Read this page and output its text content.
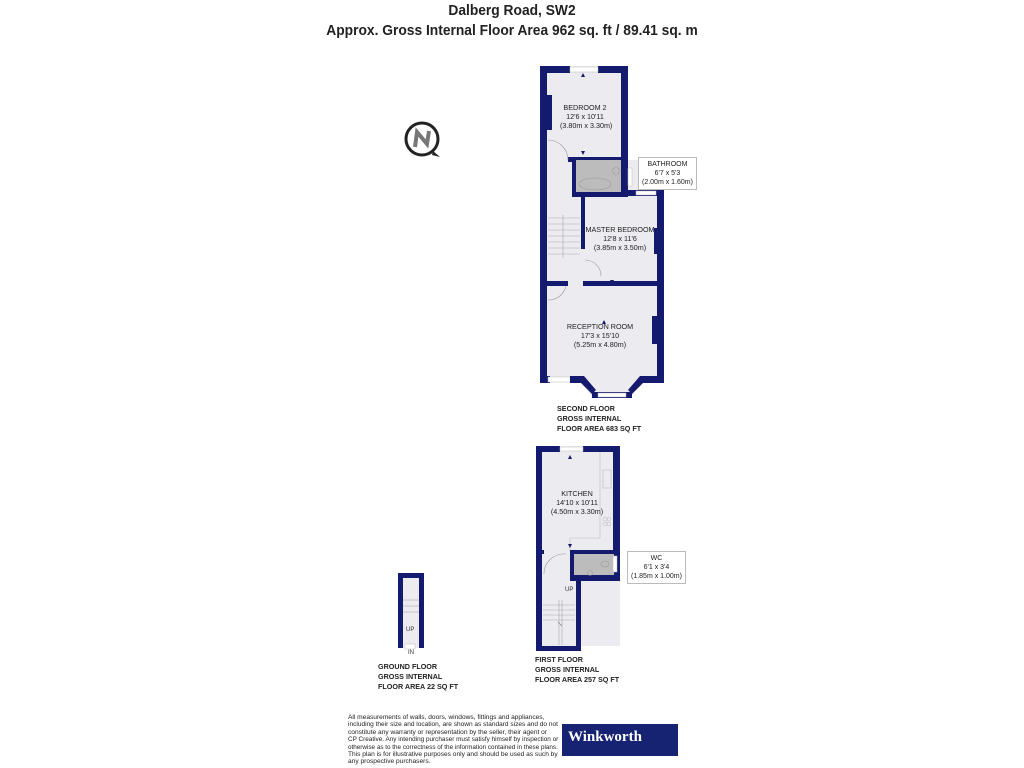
Dalberg Road, SW2
Approx. Gross Internal Floor Area 962 sq. ft / 89.41 sq. m
BEDROOM 2
12'6 x 10'11
(3.80m x 3.30m)
BATHROOM
6'7 x 5'3
(2.00m x 1.60m)
MASTER BEDROOM
12'8 x 11'6
(3.85m x 3.50m)
RECEPTION ROOM
17'3 x 15'10
(5.25m x 4.80m)
SECOND FLOOR
GROSS INTERNAL
FLOOR AREA 683 SQ FT
KITCHEN
14'10 x 10'11
(4.50m x 3.30m)
WC
6'1 x 3'4
(1.85m x 1.00m)
UP
FIRST FLOOR
GROSS INTERNAL
FLOOR AREA 257 SQ FT
UP
IN
GROUND FLOOR
GROSS INTERNAL
FLOOR AREA 22 SQ FT
All measurements of walls, doors, windows, fittings and appliances,
including their size and location, are shown as standard sizes and do not
constitute any warranty or representation by the seller, their agent or
CP Creative. Any intending purchaser must satisfy himself by inspection or
otherwise as to the correctness of the information contained in these plans.
This plan is for illustrative purposes only and should be used as such by
any prospective purchasers.
Winkworth
